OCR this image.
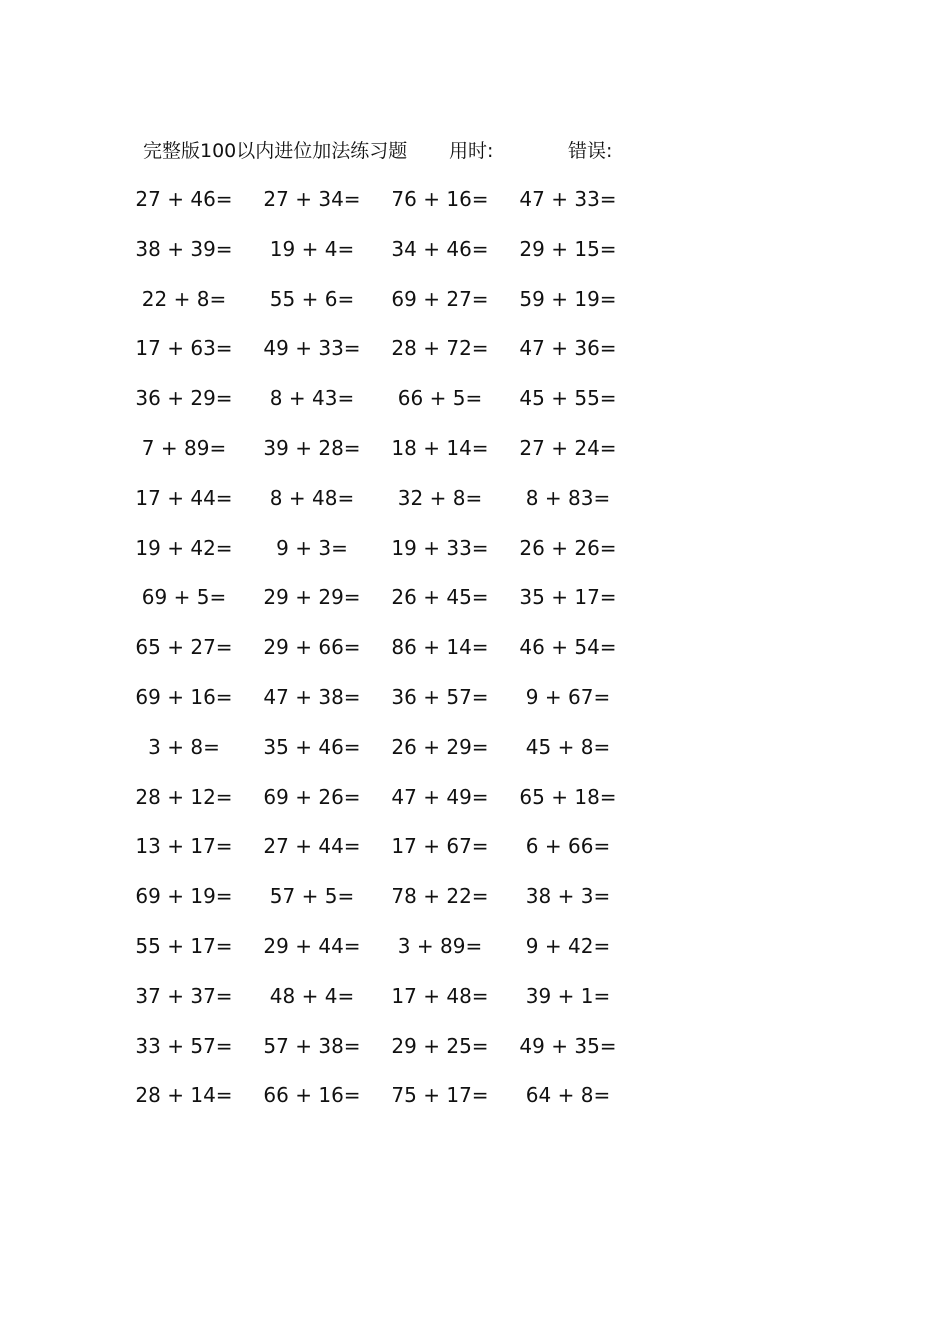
完整版100以内进位加法练习题 用时:	错误:
27 + 46=	27 + 34=	76 + 16=	47 + 33=
38 + 39=	19 + 4=	34 + 46=	29 + 15=
22 + 8=	55 + 6=	69 + 27=	59 + 19=
17 + 63=	49 + 33=	28 + 72=	47 + 36=
36 + 29=	8 + 43=	66 + 5=	45 + 55=
7 + 89=	39 + 28=	18 + 14=	27 + 24=
17 + 44=	8 + 48=	32 + 8=	8 + 83=
19 + 42=	9 + 3=	19 + 33=	26 + 26=
69 + 5=	29 + 29=	26 + 45=	35 + 17=
65 + 27=	29 + 66=	86 + 14=	46 + 54=
69 + 16=	47 + 38=	36 + 57=	9 + 67=
3 + 8=	35 + 46=	26 + 29=	45 + 8=
28 + 12=	69 + 26=	47 + 49=	65 + 18=
13 + 17=	27 + 44=	17 + 67=	6 + 66=
69 + 19=	57 + 5=	78 + 22=	38 + 3=
55 + 17=	29 + 44=	3 + 89=	9 + 42=
37 + 37=	48 + 4=	17 + 48=	39 + 1=
33 + 57=	57 + 38=	29 + 25=	49 + 35=
28 + 14=	66 + 16=	75 + 17=	64 + 8=
